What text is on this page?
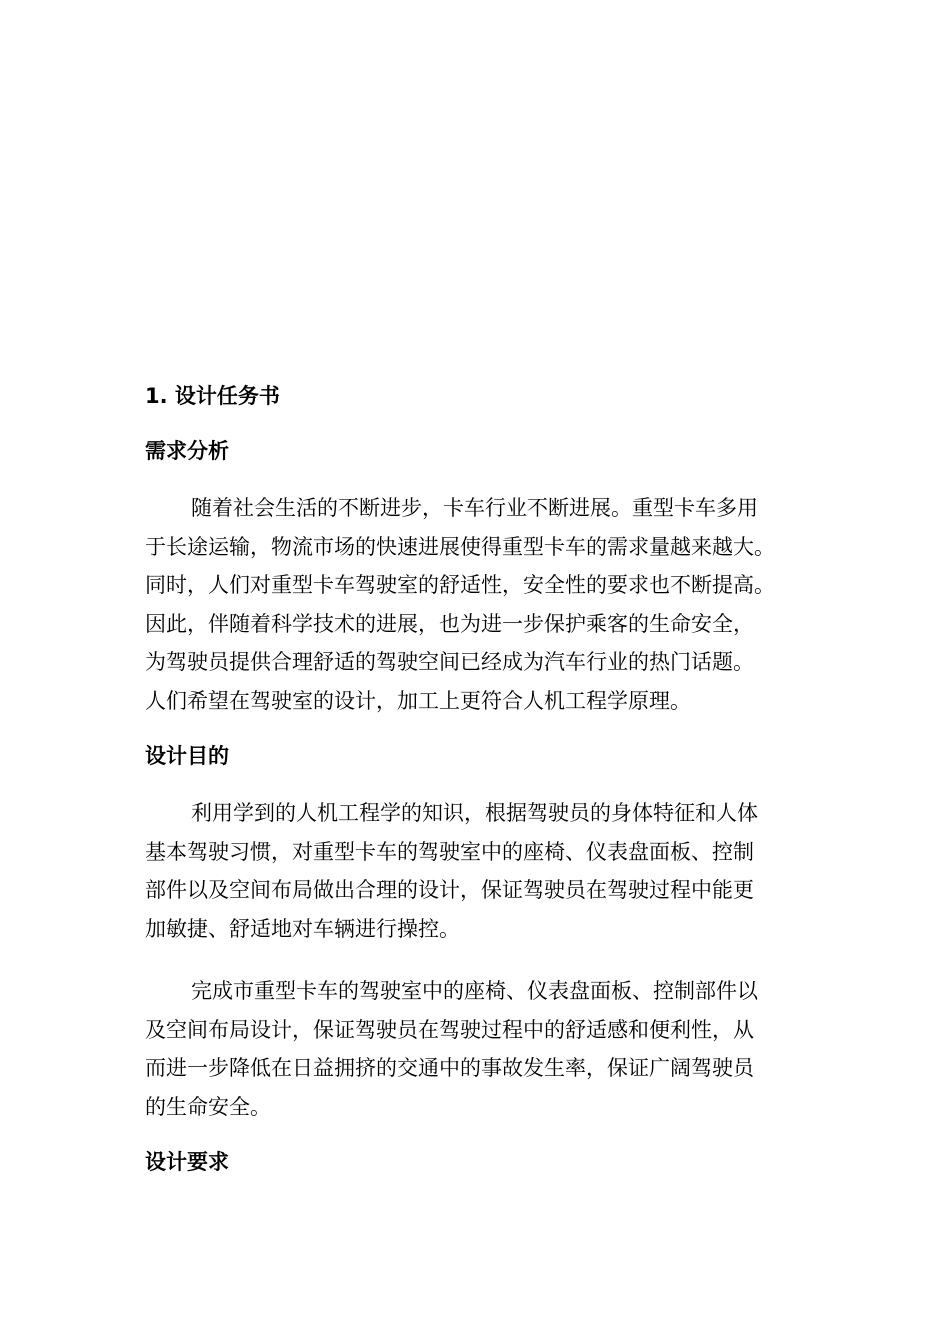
1. 设计任务书
需求分析
随着社会生活的不断进步，卡车行业不断进展。重型卡车多用
于长途运输，物流市场的快速进展使得重型卡车的需求量越来越大。
同时，人们对重型卡车驾驶室的舒适性，安全性的要求也不断提高。
因此，伴随着科学技术的进展，也为进一步保护乘客的生命安全，
为驾驶员提供合理舒适的驾驶空间已经成为汽车行业的热门话题。
人们希望在驾驶室的设计，加工上更符合人机工程学原理。
设计目的
利用学到的人机工程学的知识，根据驾驶员的身体特征和人体
基本驾驶习惯，对重型卡车的驾驶室中的座椅、仪表盘面板、控制
部件以及空间布局做出合理的设计，保证驾驶员在驾驶过程中能更
加敏捷、舒适地对车辆进行操控。
完成市重型卡车的驾驶室中的座椅、仪表盘面板、控制部件以
及空间布局设计，保证驾驶员在驾驶过程中的舒适感和便利性，从
而进一步降低在日益拥挤的交通中的事故发生率，保证广阔驾驶员
的生命安全。
设计要求
